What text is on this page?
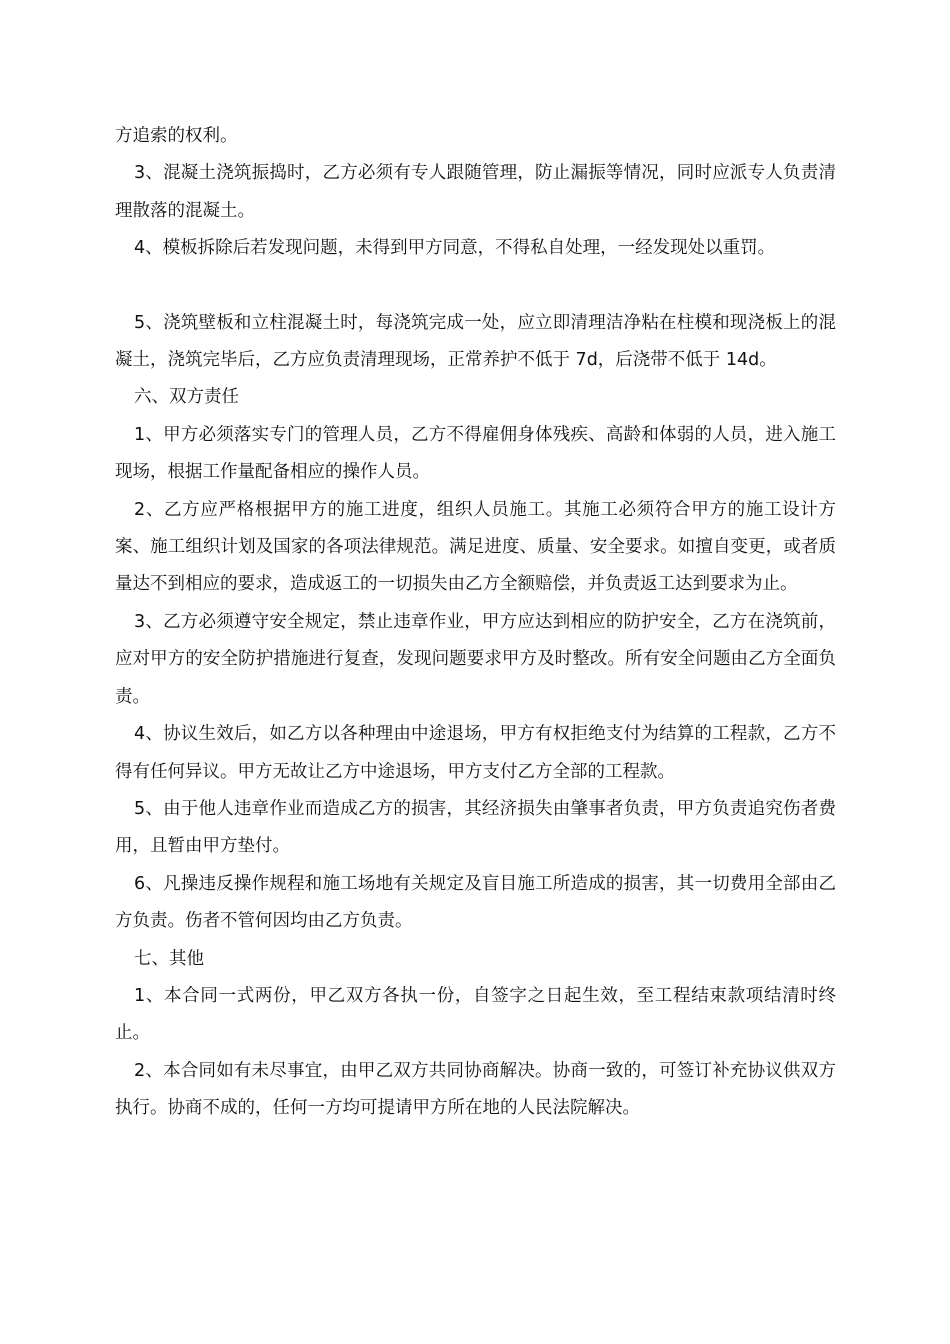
方追索的权利。

3、混凝土浇筑振捣时，乙方必须有专人跟随管理，防止漏振等情况，同时应派专人负责清理散落的混凝土。

4、模板拆除后若发现问题，未得到甲方同意，不得私自处理，一经发现处以重罚。

5、浇筑壁板和立柱混凝土时，每浇筑完成一处，应立即清理洁净粘在柱模和现浇板上的混凝土，浇筑完毕后，乙方应负责清理现场，正常养护不低于 7d，后浇带不低于 14d。

六、双方责任

1、甲方必须落实专门的管理人员，乙方不得雇佣身体残疾、高龄和体弱的人员，进入施工现场，根据工作量配备相应的操作人员。

2、乙方应严格根据甲方的施工进度，组织人员施工。其施工必须符合甲方的施工设计方案、施工组织计划及国家的各项法律规范。满足进度、质量、安全要求。如擅自变更，或者质量达不到相应的要求，造成返工的一切损失由乙方全额赔偿，并负责返工达到要求为止。

3、乙方必须遵守安全规定，禁止违章作业，甲方应达到相应的防护安全，乙方在浇筑前，应对甲方的安全防护措施进行复查，发现问题要求甲方及时整改。所有安全问题由乙方全面负责。

4、协议生效后，如乙方以各种理由中途退场，甲方有权拒绝支付为结算的工程款，乙方不得有任何异议。甲方无故让乙方中途退场，甲方支付乙方全部的工程款。

5、由于他人违章作业而造成乙方的损害，其经济损失由肇事者负责，甲方负责追究伤者费用，且暂由甲方垫付。

6、凡操违反操作规程和施工场地有关规定及盲目施工所造成的损害，其一切费用全部由乙方负责。伤者不管何因均由乙方负责。

七、其他

1、本合同一式两份，甲乙双方各执一份，自签字之日起生效，至工程结束款项结清时终止。

2、本合同如有未尽事宜，由甲乙双方共同协商解决。协商一致的，可签订补充协议供双方执行。协商不成的，任何一方均可提请甲方所在地的人民法院解决。
